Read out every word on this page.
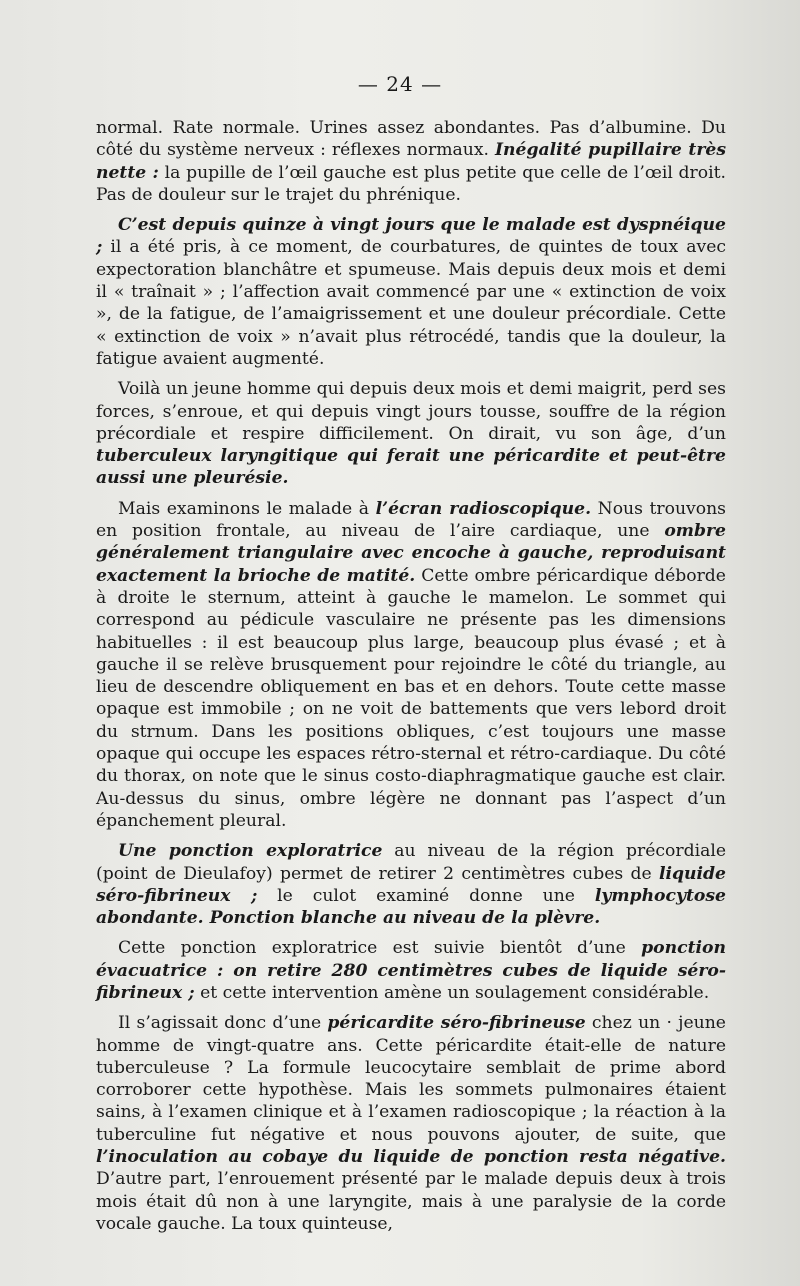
— 24 —

normal. Rate normale. Urines assez abondantes. Pas d’albumine. Du côté du système nerveux : réflexes normaux. Inégalité pupillaire très nette : la pupille de l’œil gauche est plus petite que celle de l’œil droit. Pas de douleur sur le trajet du phrénique.

C’est depuis quinze à vingt jours que le malade est dyspnéique ; il a été pris, à ce moment, de courbatures, de quintes de toux avec expectoration blanchâtre et spumeuse. Mais depuis deux mois et demi il « traînait » ; l’affection avait commencé par une « extinction de voix », de la fatigue, de l’amaigrissement et une douleur précordiale. Cette « extinction de voix » n’avait plus rétrocédé, tandis que la douleur, la fatigue avaient augmenté.

Voilà un jeune homme qui depuis deux mois et demi maigrit, perd ses forces, s’enroue, et qui depuis vingt jours tousse, souffre de la région précordiale et respire difficilement. On dirait, vu son âge, d’un tuberculeux laryngitique qui ferait une péricardite et peut-être aussi une pleurésie.

Mais examinons le malade à l’écran radioscopique. Nous trouvons en position frontale, au niveau de l’aire cardiaque, une ombre généralement triangulaire avec encoche à gauche, reproduisant exactement la brioche de matité. Cette ombre péricardique déborde à droite le sternum, atteint à gauche le mamelon. Le sommet qui correspond au pédicule vasculaire ne présente pas les dimensions habituelles : il est beaucoup plus large, beaucoup plus évasé ; et à gauche il se relève brusquement pour rejoindre le côté du triangle, au lieu de descendre obliquement en bas et en dehors. Toute cette masse opaque est immobile ; on ne voit de battements que vers lebord droit du strnum. Dans les positions obliques, c’est toujours une masse opaque qui occupe les espaces rétro-sternal et rétro-cardiaque. Du côté du thorax, on note que le sinus costo-diaphragmatique gauche est clair. Au-dessus du sinus, ombre légère ne donnant pas l’aspect d’un épanchement pleural.

Une ponction exploratrice au niveau de la région précordiale (point de Dieulafoy) permet de retirer 2 centimètres cubes de liquide séro-fibrineux ; le culot examiné donne une lymphocytose abondante. Ponction blanche au niveau de la plèvre.

Cette ponction exploratrice est suivie bientôt d’une ponction évacuatrice : on retire 280 centimètres cubes de liquide séro-fibrineux ; et cette intervention amène un soulagement considérable.

Il s’agissait donc d’une péricardite séro-fibrineuse chez un · jeune homme de vingt-quatre ans. Cette péricardite était-elle de nature tuberculeuse ? La formule leucocytaire semblait de prime abord corroborer cette hypothèse. Mais les sommets pulmonaires étaient sains, à l’examen clinique et à l’examen radioscopique ; la réaction à la tuberculine fut négative et nous pouvons ajouter, de suite, que l’inoculation au cobaye du liquide de ponction resta négative. D’autre part, l’enrouement présenté par le malade depuis deux à trois mois était dû non à une laryngite, mais à une paralysie de la corde vocale gauche. La toux quinteuse,
